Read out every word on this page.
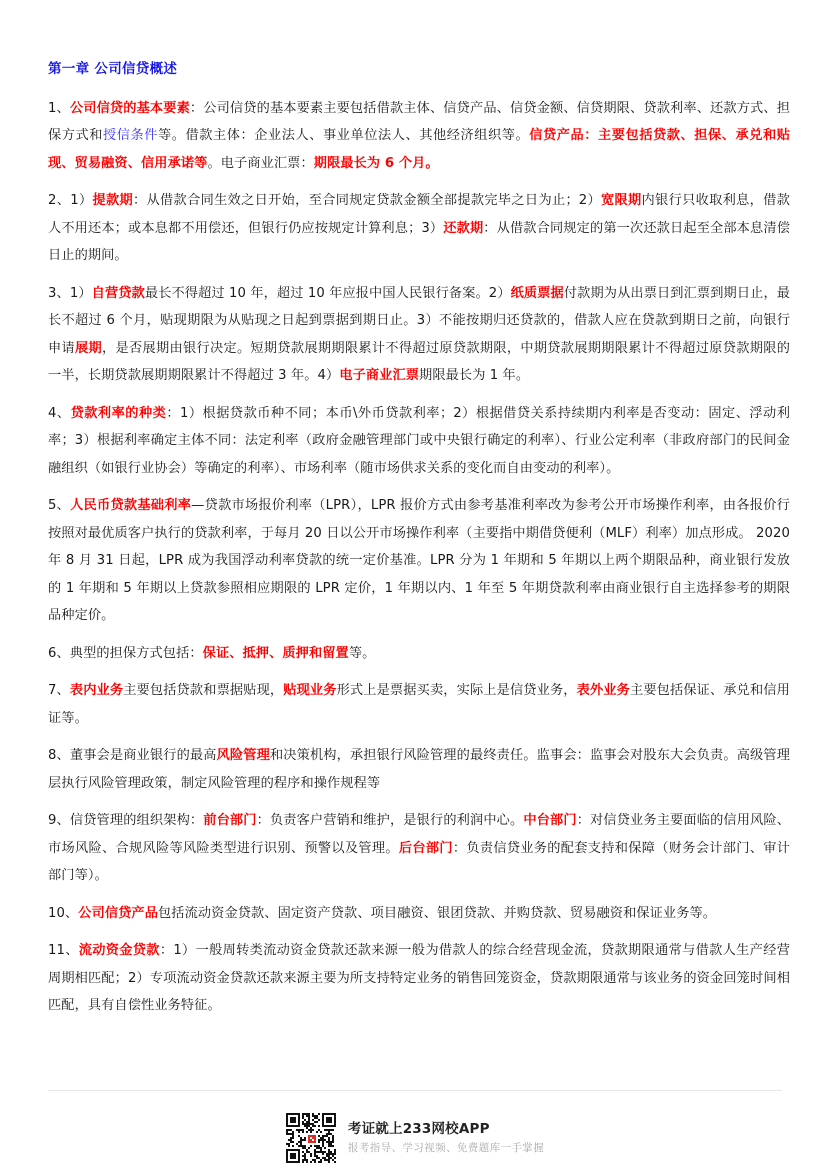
第一章 公司信贷概述
1、公司信贷的基本要素：公司信贷的基本要素主要包括借款主体、信贷产品、信贷金额、信贷期限、贷款利率、还款方式、担保方式和授信条件等。借款主体：企业法人、事业单位法人、其他经济组织等。信贷产品：主要包括贷款、担保、承兑和贴现、贸易融资、信用承诺等。电子商业汇票：期限最长为 6 个月。
2、1）提款期：从借款合同生效之日开始，至合同规定贷款金额全部提款完毕之日为止；2）宽限期内银行只收取利息，借款人不用还本；或本息都不用偿还，但银行仍应按规定计算利息；3）还款期：从借款合同规定的第一次还款日起至全部本息清偿日止的期间。
3、1）自营贷款最长不得超过 10 年，超过 10 年应报中国人民银行备案。2）纸质票据付款期为从出票日到汇票到期日止，最长不超过 6 个月，贴现期限为从贴现之日起到票据到期日止。3）不能按期归还贷款的，借款人应在贷款到期日之前，向银行申请展期，是否展期由银行决定。短期贷款展期期限累计不得超过原贷款期限，中期贷款展期期限累计不得超过原贷款期限的一半，长期贷款展期期限累计不得超过 3 年。4）电子商业汇票期限最长为 1 年。
4、贷款利率的种类：1）根据贷款币种不同；本币\外币贷款利率；2）根据借贷关系持续期内利率是否变动：固定、浮动利率；3）根据利率确定主体不同：法定利率（政府金融管理部门或中央银行确定的利率）、行业公定利率（非政府部门的民间金融组织（如银行业协会）等确定的利率）、市场利率（随市场供求关系的变化而自由变动的利率）。
5、人民币贷款基础利率—贷款市场报价利率（LPR），LPR 报价方式由参考基准利率改为参考公开市场操作利率，由各报价行按照对最优质客户执行的贷款利率，于每月 20 日以公开市场操作利率（主要指中期借贷便利（MLF）利率）加点形成。 2020 年 8 月 31 日起，LPR 成为我国浮动利率贷款的统一定价基准。LPR 分为 1 年期和 5 年期以上两个期限品种，商业银行发放的 1 年期和 5 年期以上贷款参照相应期限的 LPR 定价，1 年期以内、1 年至 5 年期贷款利率由商业银行自主选择参考的期限品种定价。
6、典型的担保方式包括：保证、抵押、质押和留置等。
7、表内业务主要包括贷款和票据贴现，贴现业务形式上是票据买卖，实际上是信贷业务，表外业务主要包括保证、承兑和信用证等。
8、董事会是商业银行的最高风险管理和决策机构，承担银行风险管理的最终责任。监事会：监事会对股东大会负责。高级管理层执行风险管理政策，制定风险管理的程序和操作规程等
9、信贷管理的组织架构：前台部门：负责客户营销和维护，是银行的利润中心。中台部门：对信贷业务主要面临的信用风险、市场风险、合规风险等风险类型进行识别、预警以及管理。后台部门：负责信贷业务的配套支持和保障（财务会计部门、审计部门等）。
10、公司信贷产品包括流动资金贷款、固定资产贷款、项目融资、银团贷款、并购贷款、贸易融资和保证业务等。
11、流动资金贷款：1）一般周转类流动资金贷款还款来源一般为借款人的综合经营现金流，贷款期限通常与借款人生产经营周期相匹配；2）专项流动资金贷款还款来源主要为所支持特定业务的销售回笼资金，贷款期限通常与该业务的资金回笼时间相匹配，具有自偿性业务特征。
考证就上233网校APP
报考指导、学习视频、免费题库一手掌握
